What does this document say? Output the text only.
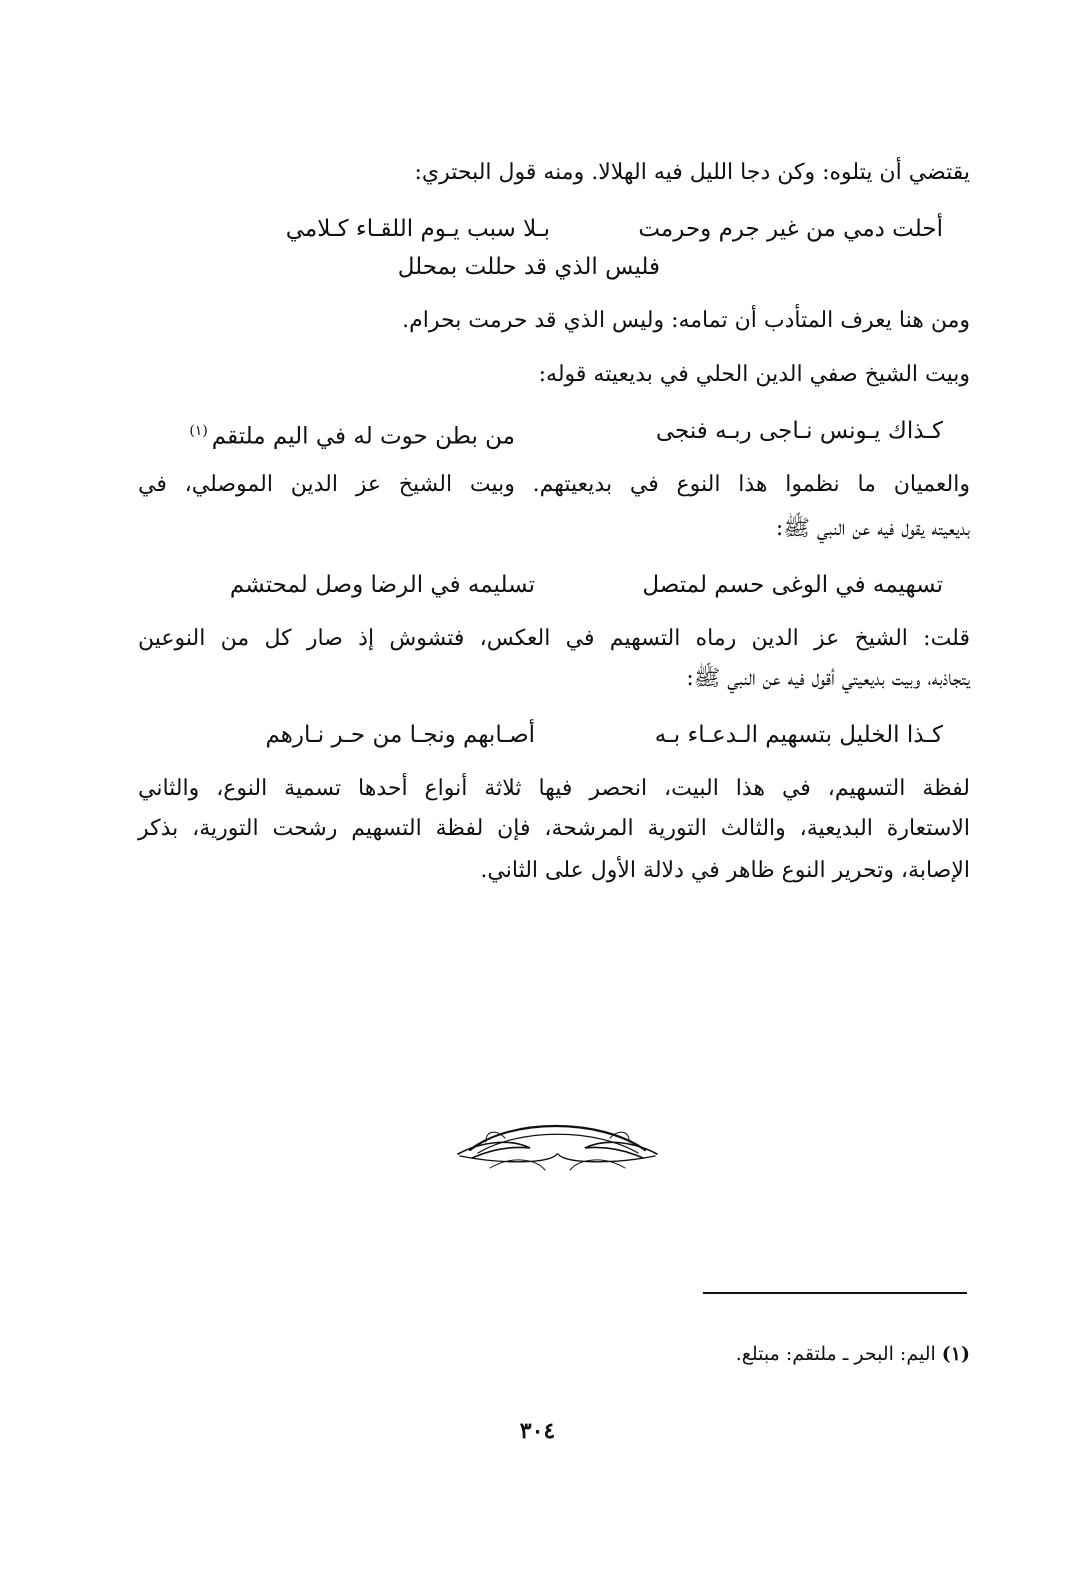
يقتضي أن يتلوه: وكن دجا الليل فيه الهلالا. ومنه قول البحتري:
أحلت دمي من غير جرم وحرمت
بـلا سبب يـوم اللقـاء كـلامي
فليس الذي قد حللت بمحلل
ومن هنا يعرف المتأدب أن تمامه: وليس الذي قد حرمت بحرام.
وبيت الشيخ صفي الدين الحلي في بديعيته قوله:
كـذاك يـونس نـاجى ربـه فنجى
من بطن حوت له في اليم ملتقم$^{(١)}$
والعميان ما نظموا هذا النوع في بديعيتهم. وبيت الشيخ عز الدين الموصلي، في
بديعيته يقول فيه عن النبي ﷺ:
تسهيمه في الوغى حسم لمتصل
تسليمه في الرضا وصل لمحتشم
قلت: الشيخ عز الدين رماه التسهيم في العكس، فتشوش إذ صار كل من النوعين
يتجاذبه، وبيت بديعيتي أقول فيه عن النبي ﷺ:
كـذا الخليل بتسهيم الـدعـاء بـه
أصـابهم ونجـا من حـر نـارهم
لفظة التسهيم، في هذا البيت، انحصر فيها ثلاثة أنواع أحدها تسمية النوع، والثاني
الاستعارة البديعية، والثالث التورية المرشحة، فإن لفظة التسهيم رشحت التورية، بذكر
الإصابة، وتحرير النوع ظاهر في دلالة الأول على الثاني.
(١)اليم: البحر ـ ملتقم: مبتلع.
٣٠٤
